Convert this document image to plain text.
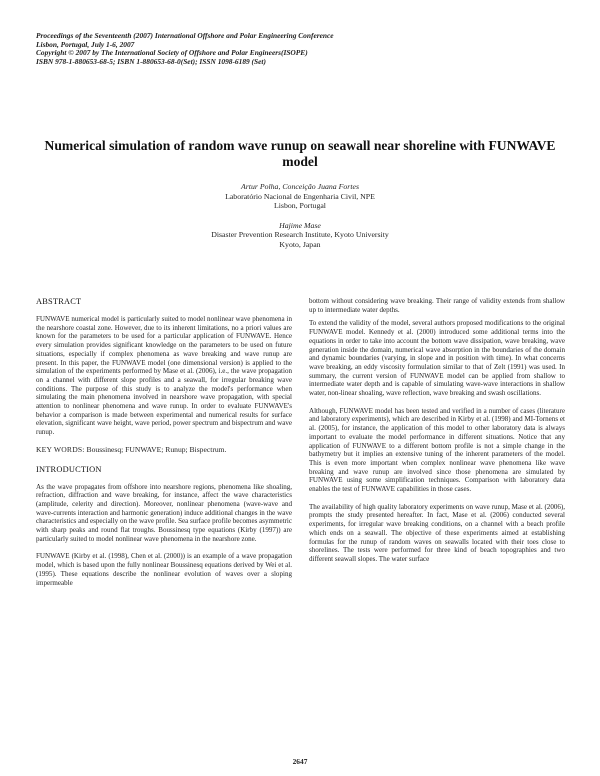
Proceedings of the Seventeenth (2007) International Offshore and Polar Engineering Conference
Lisbon, Portugal, July 1-6, 2007
Copyright © 2007 by The International Society of Offshore and Polar Engineers(ISOPE)
ISBN 978-1-880653-68-5; ISBN 1-880653-68-0(Set); ISSN 1098-6189 (Set)
Numerical simulation of random wave runup on seawall near shoreline with FUNWAVE model
Artur Polha, Conceição Juana Fortes
Laboratório Nacional de Engenharia Civil, NPE
Lisbon, Portugal
Hajime Mase
Disaster Prevention Research Institute, Kyoto University
Kyoto, Japan
ABSTRACT

FUNWAVE numerical model is particularly suited to model nonlinear wave phenomena in the nearshore coastal zone. However, due to its inherent limitations, no a priori values are known for the parameters to be used for a particular application of FUNWAVE. Hence every simulation provides significant knowledge on the parameters to be used on future situations, especially if complex phenomena as wave breaking and wave runup are present. In this paper, the FUNWAVE model (one dimensional version) is applied to the simulation of the experiments performed by Mase et al. (2006), i.e., the wave propagation on a channel with different slope profiles and a seawall, for irregular breaking wave conditions. The purpose of this study is to analyze the model's performance when simulating the main phenomena involved in nearshore wave propagation, with special attention to nonlinear phenomena and wave runup. In order to evaluate FUNWAVE's behavior a comparison is made between experimental and numerical results for surface elevation, significant wave height, wave period, power spectrum and bispectrum and wave runup.

KEY WORDS: Boussinesq; FUNWAVE; Runup; Bispectrum.
INTRODUCTION

As the wave propagates from offshore into nearshore regions, phenomena like shoaling, refraction, diffraction and wave breaking, for instance, affect the wave characteristics (amplitude, celerity and direction). Moreover, nonlinear phenomena (wave-wave and wave-currents interaction and harmonic generation) induce additional changes in the wave characteristics and especially on the wave profile. Sea surface profile becomes asymmetric with sharp peaks and round flat troughs. Boussinesq type equations (Kirby (1997)) are particularly suited to model nonlinear wave phenomena in the nearshore zone.

FUNWAVE (Kirby et al. (1998), Chen et al. (2000)) is an example of a wave propagation model, which is based upon the fully nonlinear Boussinesq equations derived by Wei et al. (1995). These equations describe the nonlinear evolution of waves over a sloping impermeable

bottom without considering wave breaking. Their range of validity extends from shallow up to intermediate water depths.

To extend the validity of the model, several authors proposed modifications to the original FUNWAVE model. Kennedy et al. (2000) introduced some additional terms into the equations in order to take into account the bottom wave dissipation, wave breaking, wave generation inside the domain, numerical wave absorption in the boundaries of the domain and dynamic boundaries (varying, in slope and in position with time). In what concerns wave breaking, an eddy viscosity formulation similar to that of Zelt (1991) was used. In summary, the current version of FUNWAVE model can be applied from shallow to intermediate water depth and is capable of simulating wave-wave interactions in shallow water, non-linear shoaling, wave reflection, wave breaking and swash oscillations.

Although, FUNWAVE model has been tested and verified in a number of cases (literature and laboratory experiments), which are described in Kirby et al. (1998) and MI-Tornens et al. (2005), for instance, the application of this model to other laboratory data is always important to evaluate the model performance in different situations. Notice that any application of FUNWAVE to a different bottom profile is not a simple change in the bathymetry but it implies an extensive tuning of the inherent parameters of the model. This is even more important when complex nonlinear wave phenomena like wave breaking and wave runup are involved since those phenomena are simulated by FUNWAVE using some simplification techniques. Comparison with laboratory data enables the test of FUNWAVE capabilities in those cases.

The availability of high quality laboratory experiments on wave runup, Mase et al. (2006), prompts the study presented hereafter. In fact, Mase et al. (2006) conducted several experiments, for irregular wave breaking conditions, on a channel with a beach profile which ends on a seawall. The objective of these experiments aimed at establishing formulas for the runup of random waves on seawalls located with their toes close to shorelines. The tests were performed for three kind of beach topographies and two different seawall slopes. The water surface

2647
